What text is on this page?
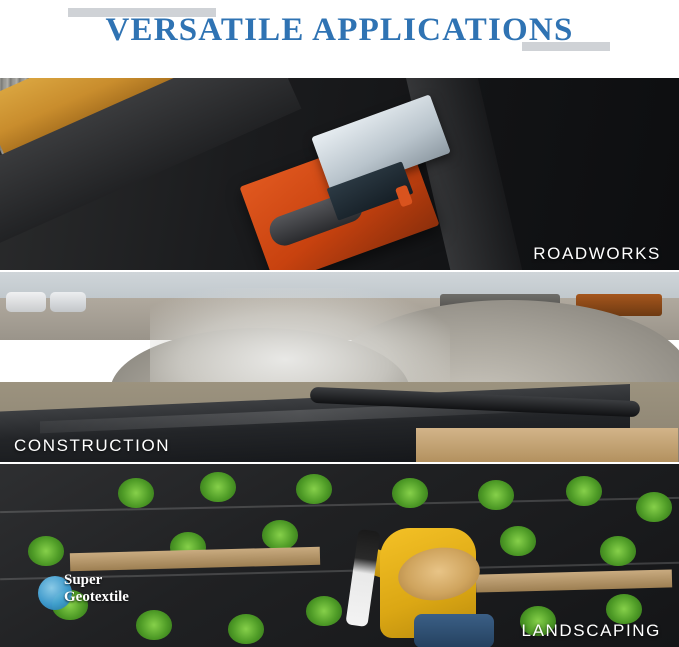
VERSATILE APPLICATIONS
ROADWORKS
CONSTRUCTION
LANDSCAPING
Super
Geotextile
